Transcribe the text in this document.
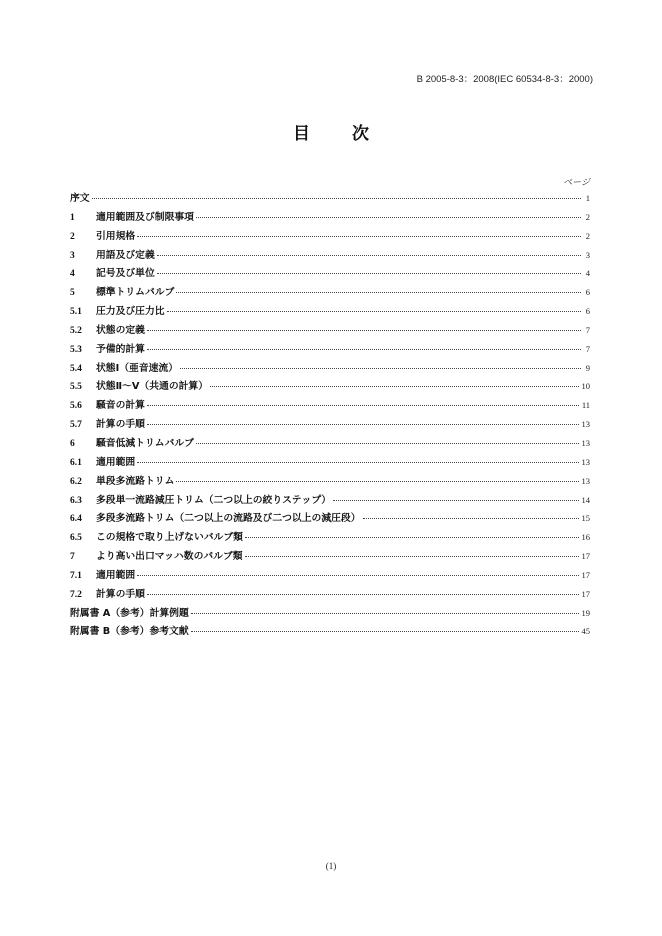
B 2005-8-3：2008(IEC 60534-8-3：2000)
目 次
ページ
序文	1
1	適用範囲及び制限事項	2
2	引用規格	2
3	用語及び定義	3
4	記号及び単位	4
5	標準トリムバルブ	6
5.1	圧力及び圧力比	6
5.2	状態の定義	7
5.3	予備的計算	7
5.4	状態Ⅰ（亜音速流）	9
5.5	状態Ⅱ～Ⅴ（共通の計算）	10
5.6	騒音の計算	11
5.7	計算の手順	13
6	騒音低減トリムバルブ	13
6.1	適用範囲	13
6.2	単段多流路トリム	13
6.3	多段単一流路減圧トリム（二つ以上の絞りステップ）	14
6.4	多段多流路トリム（二つ以上の流路及び二つ以上の減圧段）	15
6.5	この規格で取り上げないバルブ類	16
7	より高い出口マッハ数のバルブ類	17
7.1	適用範囲	17
7.2	計算の手順	17
附属書 A（参考）計算例題	19
附属書 B（参考）参考文献	45
(1)
